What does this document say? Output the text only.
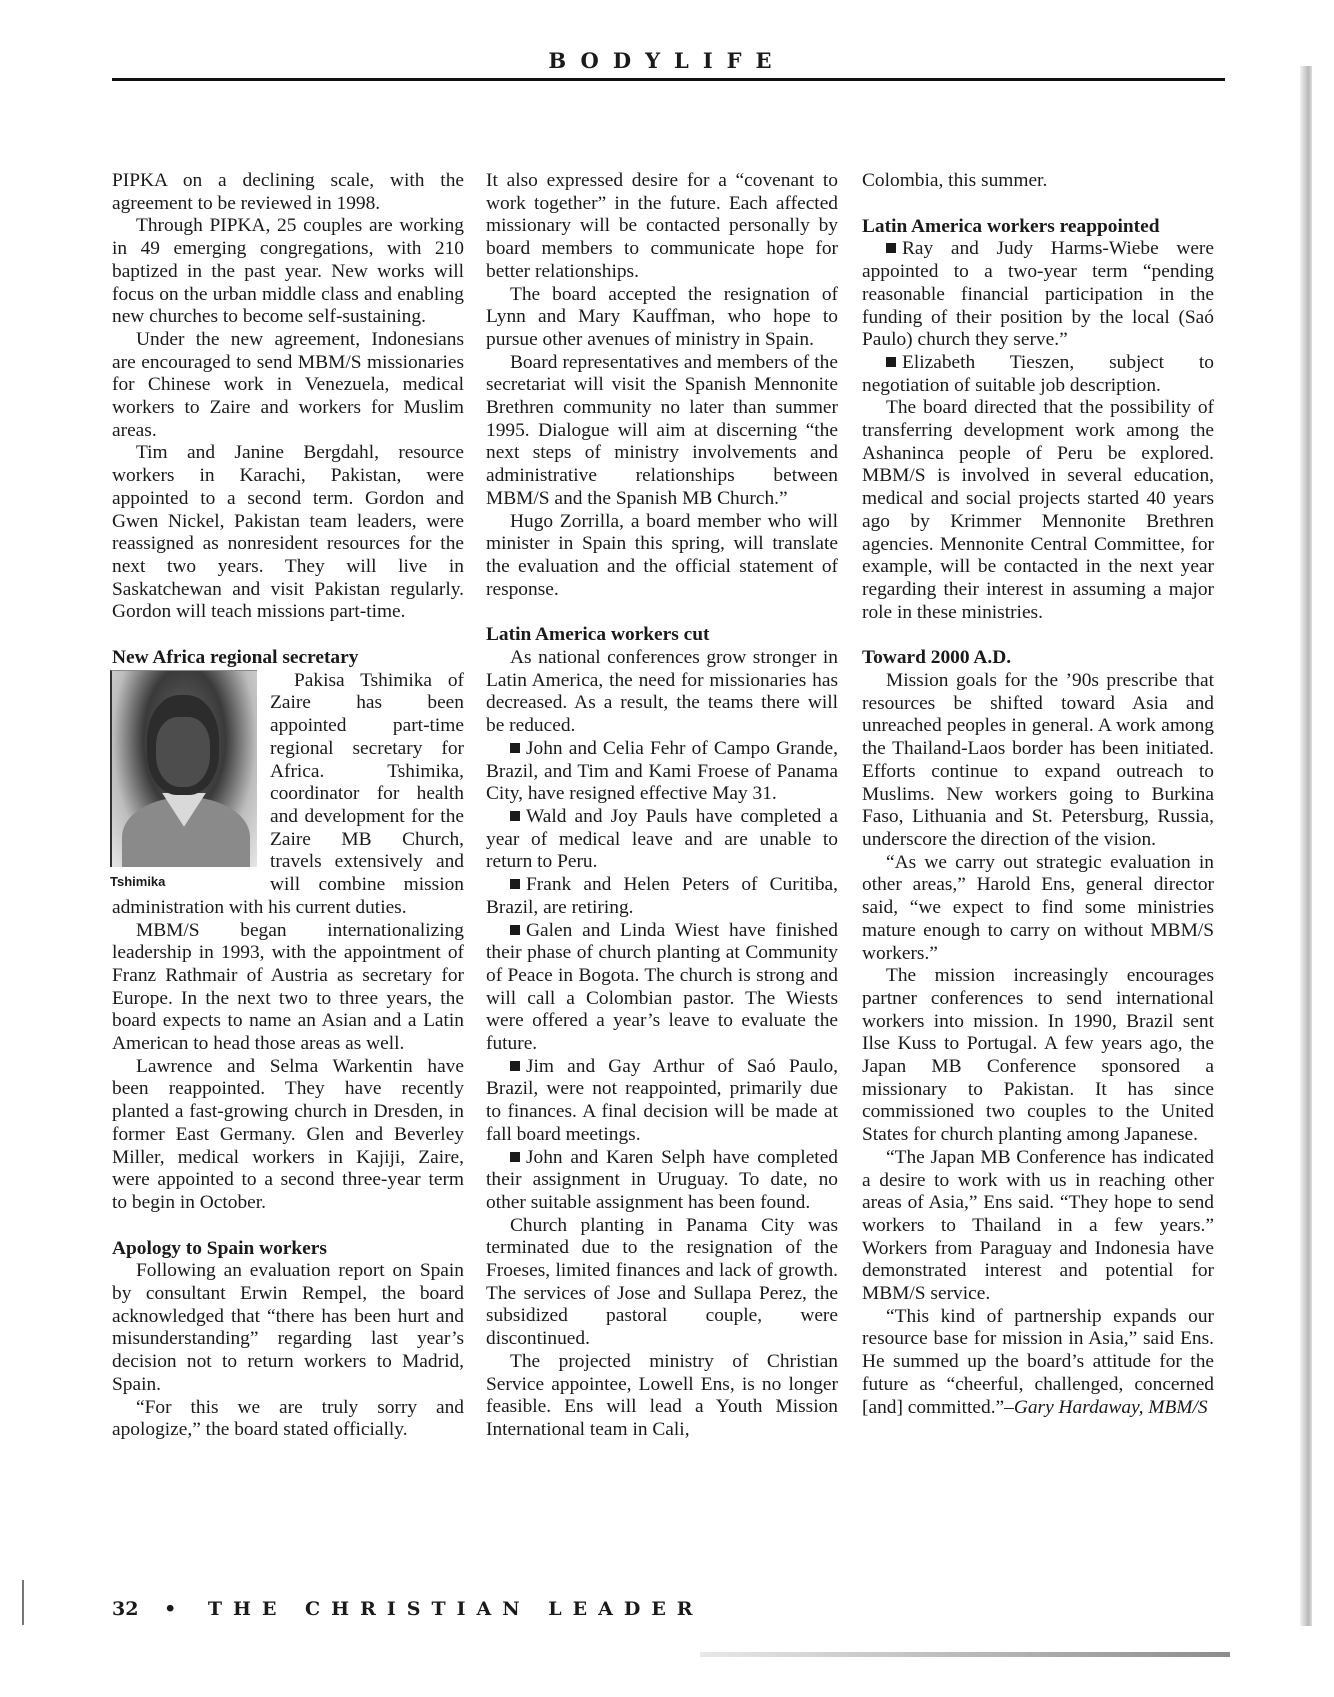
BODYLIFE

PIPKA on a declining scale, with the agreement to be reviewed in 1998.

Through PIPKA, 25 couples are working in 49 emerging congregations, with 210 baptized in the past year. New works will focus on the urban middle class and enabling new churches to become self-sustaining.

Under the new agreement, Indonesians are encouraged to send MBM/S missionaries for Chinese work in Venezuela, medical workers to Zaire and workers for Muslim areas.

Tim and Janine Bergdahl, resource workers in Karachi, Pakistan, were appointed to a second term. Gordon and Gwen Nickel, Pakistan team leaders, were reassigned as nonresident resources for the next two years. They will live in Saskatchewan and visit Pakistan regularly. Gordon will teach missions part-time.

New Africa regional secretary
Tshimika

Pakisa Tshimika of Zaire has been appointed part-time regional secretary for Africa. Tshimika, coordinator for health and development for the Zaire MB Church, travels extensively and will combine mission administration with his current duties.

MBM/S began internationalizing leadership in 1993, with the appointment of Franz Rathmair of Austria as secretary for Europe. In the next two to three years, the board expects to name an Asian and a Latin American to head those areas as well.

Lawrence and Selma Warkentin have been reappointed. They have recently planted a fast-growing church in Dresden, in former East Germany. Glen and Beverley Miller, medical workers in Kajiji, Zaire, were appointed to a second three-year term to begin in October.

Apology to Spain workers

Following an evaluation report on Spain by consultant Erwin Rempel, the board acknowledged that “there has been hurt and misunderstanding” regarding last year’s decision not to return workers to Madrid, Spain.

“For this we are truly sorry and apologize,” the board stated officially.

It also expressed desire for a “covenant to work together” in the future. Each affected missionary will be contacted personally by board members to communicate hope for better relationships.

The board accepted the resignation of Lynn and Mary Kauffman, who hope to pursue other avenues of ministry in Spain.

Board representatives and members of the secretariat will visit the Spanish Mennonite Brethren community no later than summer 1995. Dialogue will aim at discerning “the next steps of ministry involvements and administrative relationships between MBM/S and the Spanish MB Church.”

Hugo Zorrilla, a board member who will minister in Spain this spring, will translate the evaluation and the official statement of response.

Latin America workers cut

As national conferences grow stronger in Latin America, the need for missionaries has decreased. As a result, the teams there will be reduced.

John and Celia Fehr of Campo Grande, Brazil, and Tim and Kami Froese of Panama City, have resigned effective May 31.

Wald and Joy Pauls have completed a year of medical leave and are unable to return to Peru.

Frank and Helen Peters of Curitiba, Brazil, are retiring.

Galen and Linda Wiest have finished their phase of church planting at Community of Peace in Bogota. The church is strong and will call a Colombian pastor. The Wiests were offered a year’s leave to evaluate the future.

Jim and Gay Arthur of Saó Paulo, Brazil, were not reappointed, primarily due to finances. A final decision will be made at fall board meetings.

John and Karen Selph have completed their assignment in Uruguay. To date, no other suitable assignment has been found.

Church planting in Panama City was terminated due to the resignation of the Froeses, limited finances and lack of growth. The services of Jose and Sullapa Perez, the subsidized pastoral couple, were discontinued.

The projected ministry of Christian Service appointee, Lowell Ens, is no longer feasible. Ens will lead a Youth Mission International team in Cali,

Colombia, this summer.

Latin America workers reappointed

Ray and Judy Harms-Wiebe were appointed to a two-year term “pending reasonable financial participation in the funding of their position by the local (Saó Paulo) church they serve.”

Elizabeth Tieszen, subject to negotiation of suitable job description.

The board directed that the possibility of transferring development work among the Ashaninca people of Peru be explored. MBM/S is involved in several education, medical and social projects started 40 years ago by Krimmer Mennonite Brethren agencies. Mennonite Central Committee, for example, will be contacted in the next year regarding their interest in assuming a major role in these ministries.

Toward 2000 A.D.

Mission goals for the ’90s prescribe that resources be shifted toward Asia and unreached peoples in general. A work among the Thailand-Laos border has been initiated. Efforts continue to expand outreach to Muslims. New workers going to Burkina Faso, Lithuania and St. Petersburg, Russia, underscore the direction of the vision.

“As we carry out strategic evaluation in other areas,” Harold Ens, general director said, “we expect to find some ministries mature enough to carry on without MBM/S workers.”

The mission increasingly encourages partner conferences to send international workers into mission. In 1990, Brazil sent Ilse Kuss to Portugal. A few years ago, the Japan MB Conference sponsored a missionary to Pakistan. It has since commissioned two couples to the United States for church planting among Japanese.

“The Japan MB Conference has indicated a desire to work with us in reaching other areas of Asia,” Ens said. “They hope to send workers to Thailand in a few years.” Workers from Paraguay and Indonesia have demonstrated interest and potential for MBM/S service.

“This kind of partnership expands our resource base for mission in Asia,” said Ens. He summed up the board’s attitude for the future as “cheerful, challenged, concerned [and] committed.”–Gary Hardaway, MBM/S

32 • THE CHRISTIAN LEADER
